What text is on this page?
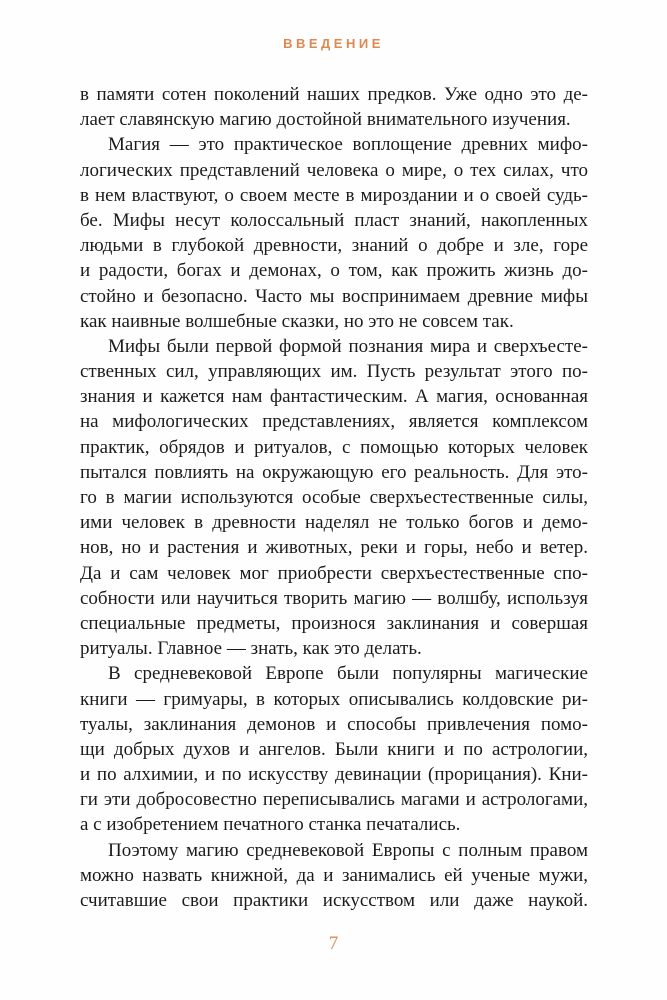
ВВЕДЕНИЕ
в памяти сотен поколений наших предков. Уже одно это де-
лает славянскую магию достойной внимательного изучения.
Магия — это практическое воплощение древних мифо-
логических представлений человека о мире, о тех силах, что
в нем властвуют, о своем месте в мироздании и о своей судь-
бе. Мифы несут колоссальный пласт знаний, накопленных
людьми в глубокой древности, знаний о добре и зле, горе
и радости, богах и демонах, о том, как прожить жизнь до-
стойно и безопасно. Часто мы воспринимаем древние мифы
как наивные волшебные сказки, но это не совсем так.
Мифы были первой формой познания мира и сверхъесте-
ственных сил, управляющих им. Пусть результат этого по-
знания и кажется нам фантастическим. А магия, основанная
на мифологических представлениях, является комплексом
практик, обрядов и ритуалов, с помощью которых человек
пытался повлиять на окружающую его реальность. Для это-
го в магии используются особые сверхъестественные силы,
ими человек в древности наделял не только богов и демо-
нов, но и растения и животных, реки и горы, небо и ветер.
Да и сам человек мог приобрести сверхъестественные спо-
собности или научиться творить магию — волшбу, используя
специальные предметы, произнося заклинания и совершая
ритуалы. Главное — знать, как это делать.
В средневековой Европе были популярны магические
книги — гримуары, в которых описывались колдовские ри-
туалы, заклинания демонов и способы привлечения помо-
щи добрых духов и ангелов. Были книги и по астрологии,
и по алхимии, и по искусству девинации (прорицания). Кни-
ги эти добросовестно переписывались магами и астрологами,
а с изобретением печатного станка печатались.
Поэтому магию средневековой Европы с полным правом
можно назвать книжной, да и занимались ей ученые мужи,
считавшие свои практики искусством или даже наукой.
7
